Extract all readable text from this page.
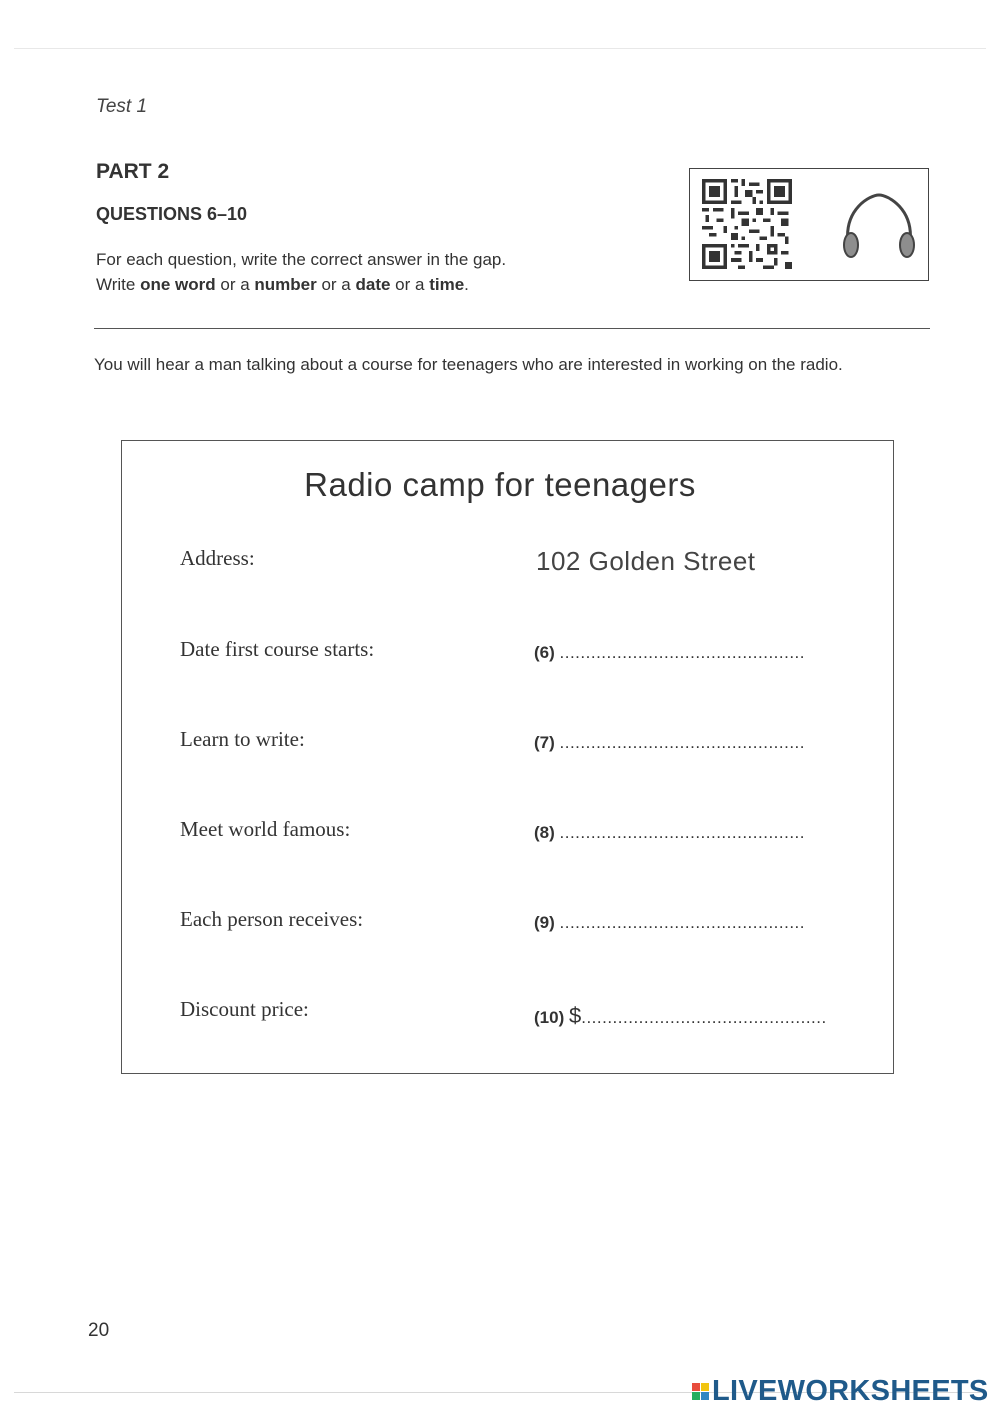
Test 1
PART 2
QUESTIONS 6–10
For each question, write the correct answer in the gap.
Write one word or a number or a date or a time.
You will hear a man talking about a course for teenagers who are interested in working on the radio.
Radio camp for teenagers
Address:	102 Golden Street
Date first course starts:	(6) ...............................................
Learn to write:	(7) ...............................................
Meet world famous:	(8) ...............................................
Each person receives:	(9) ...............................................
Discount price:	(10) $...............................................
20
LIVEWORKSHEETS
